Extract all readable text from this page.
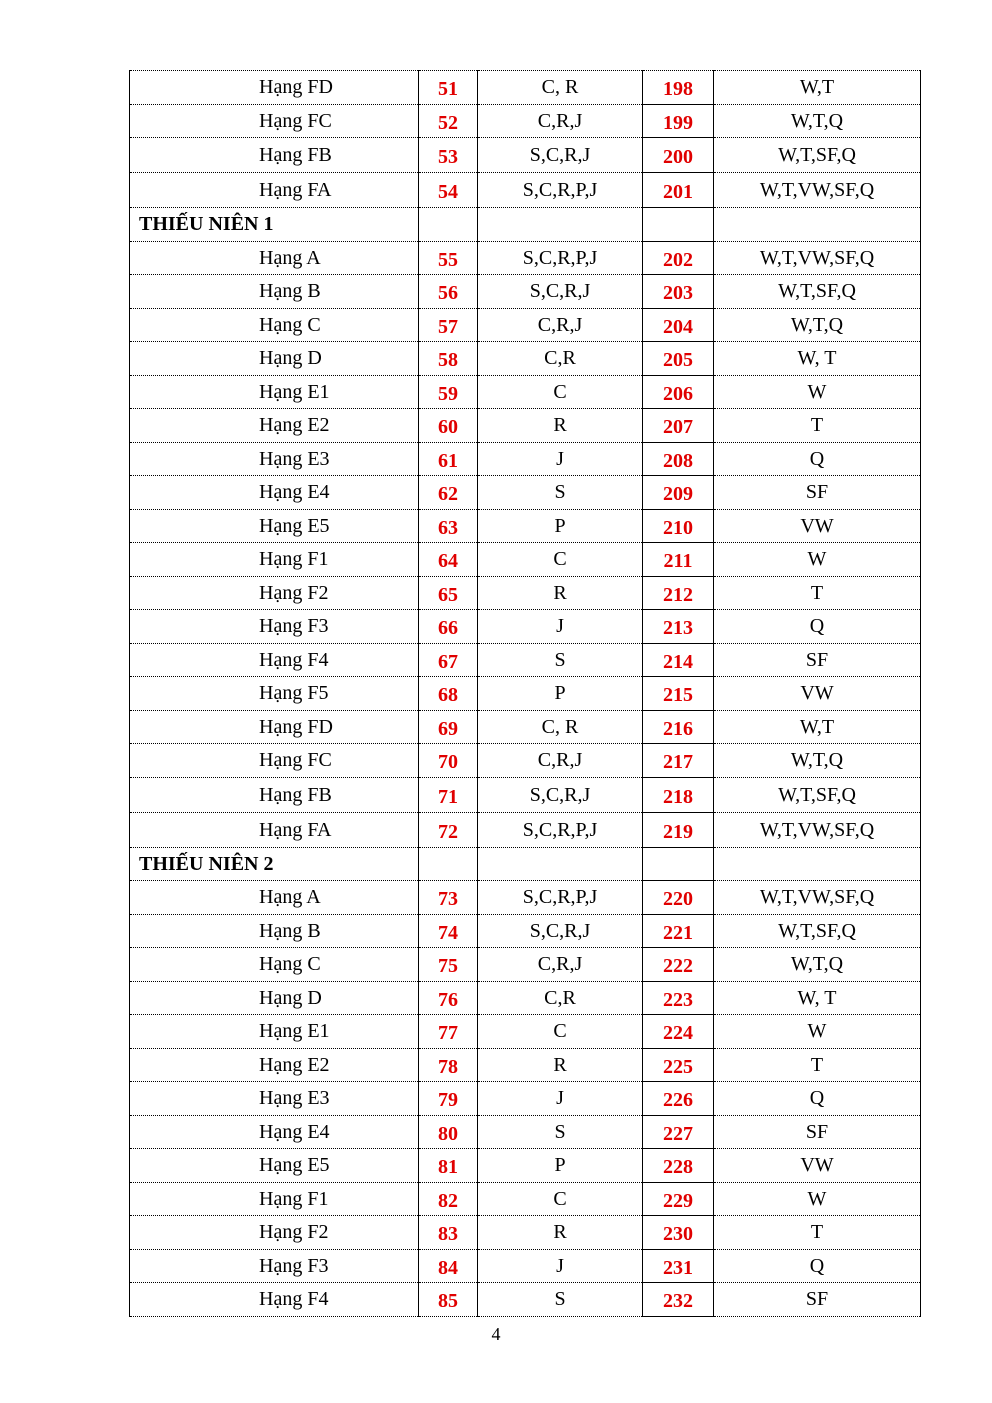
Hạng FD	51	C, R	198	W,T
Hạng FC	52	C,R,J	199	W,T,Q
Hạng FB	53	S,C,R,J	200	W,T,SF,Q
Hạng FA	54	S,C,R,P,J	201	W,T,VW,SF,Q
THIẾU NIÊN 1				
Hạng A	55	S,C,R,P,J	202	W,T,VW,SF,Q
Hạng B	56	S,C,R,J	203	W,T,SF,Q
Hạng C	57	C,R,J	204	W,T,Q
Hạng D	58	C,R	205	W, T
Hạng E1	59	C	206	W
Hạng E2	60	R	207	T
Hạng E3	61	J	208	Q
Hạng E4	62	S	209	SF
Hạng E5	63	P	210	VW
Hạng F1	64	C	211	W
Hạng F2	65	R	212	T
Hạng F3	66	J	213	Q
Hạng F4	67	S	214	SF
Hạng F5	68	P	215	VW
Hạng FD	69	C, R	216	W,T
Hạng FC	70	C,R,J	217	W,T,Q
Hạng FB	71	S,C,R,J	218	W,T,SF,Q
Hạng FA	72	S,C,R,P,J	219	W,T,VW,SF,Q
THIẾU NIÊN 2				
Hạng A	73	S,C,R,P,J	220	W,T,VW,SF,Q
Hạng B	74	S,C,R,J	221	W,T,SF,Q
Hạng C	75	C,R,J	222	W,T,Q
Hạng D	76	C,R	223	W, T
Hạng E1	77	C	224	W
Hạng E2	78	R	225	T
Hạng E3	79	J	226	Q
Hạng E4	80	S	227	SF
Hạng E5	81	P	228	VW
Hạng F1	82	C	229	W
Hạng F2	83	R	230	T
Hạng F3	84	J	231	Q
Hạng F4	85	S	232	SF
4
